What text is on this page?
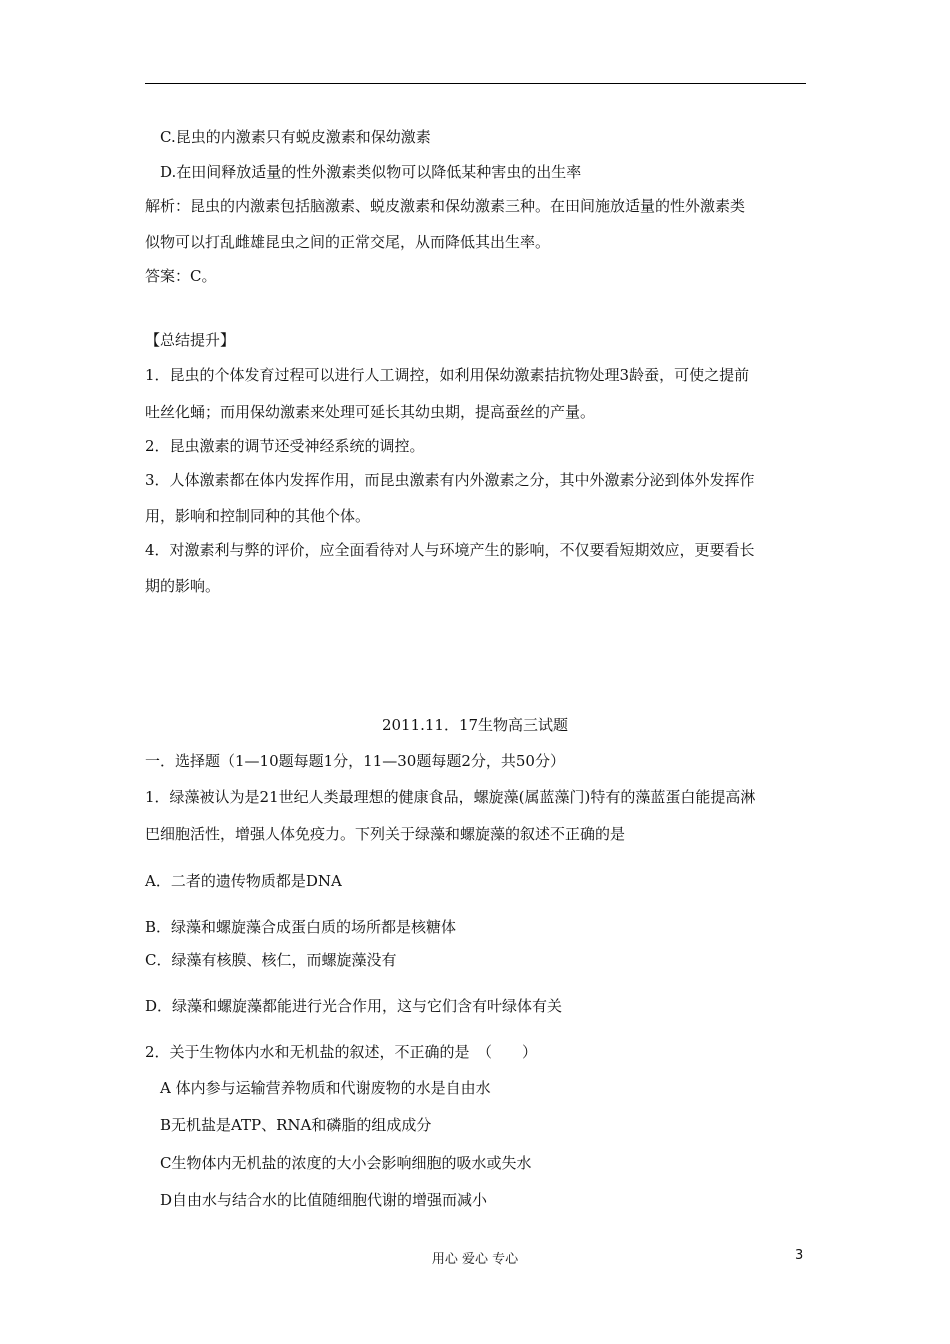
C.昆虫的内激素只有蜕皮激素和保幼激素
D.在田间释放适量的性外激素类似物可以降低某种害虫的出生率
解析：昆虫的内激素包括脑激素、蜕皮激素和保幼激素三种。在田间施放适量的性外激素类
似物可以打乱雌雄昆虫之间的正常交尾，从而降低其出生率。
答案：C。
【总结提升】
1．昆虫的个体发育过程可以进行人工调控，如利用保幼激素拮抗物处理3龄蚕，可使之提前
吐丝化蛹；而用保幼激素来处理可延长其幼虫期，提高蚕丝的产量。
2．昆虫激素的调节还受神经系统的调控。
3．人体激素都在体内发挥作用，而昆虫激素有内外激素之分，其中外激素分泌到体外发挥作
用，影响和控制同种的其他个体。
4．对激素利与弊的评价，应全面看待对人与环境产生的影响，不仅要看短期效应，更要看长
期的影响。
2011.11．17生物高三试题
一．选择题（1—10题每题1分，11—30题每题2分，共50分）
1．绿藻被认为是21世纪人类最理想的健康食品，螺旋藻(属蓝藻门)特有的藻蓝蛋白能提高淋
巴细胞活性，增强人体免疫力。下列关于绿藻和螺旋藻的叙述不正确的是
A．二者的遗传物质都是DNA
B．绿藻和螺旋藻合成蛋白质的场所都是核糖体
C．绿藻有核膜、核仁，而螺旋藻没有
D．绿藻和螺旋藻都能进行光合作用，这与它们含有叶绿体有关
2．关于生物体内水和无机盐的叙述，不正确的是　（　　）
A 体内参与运输营养物质和代谢废物的水是自由水
B无机盐是ATP、RNA和磷脂的组成成分
C生物体内无机盐的浓度的大小会影响细胞的吸水或失水
D自由水与结合水的比值随细胞代谢的增强而减小
用心 爱心 专心	3
